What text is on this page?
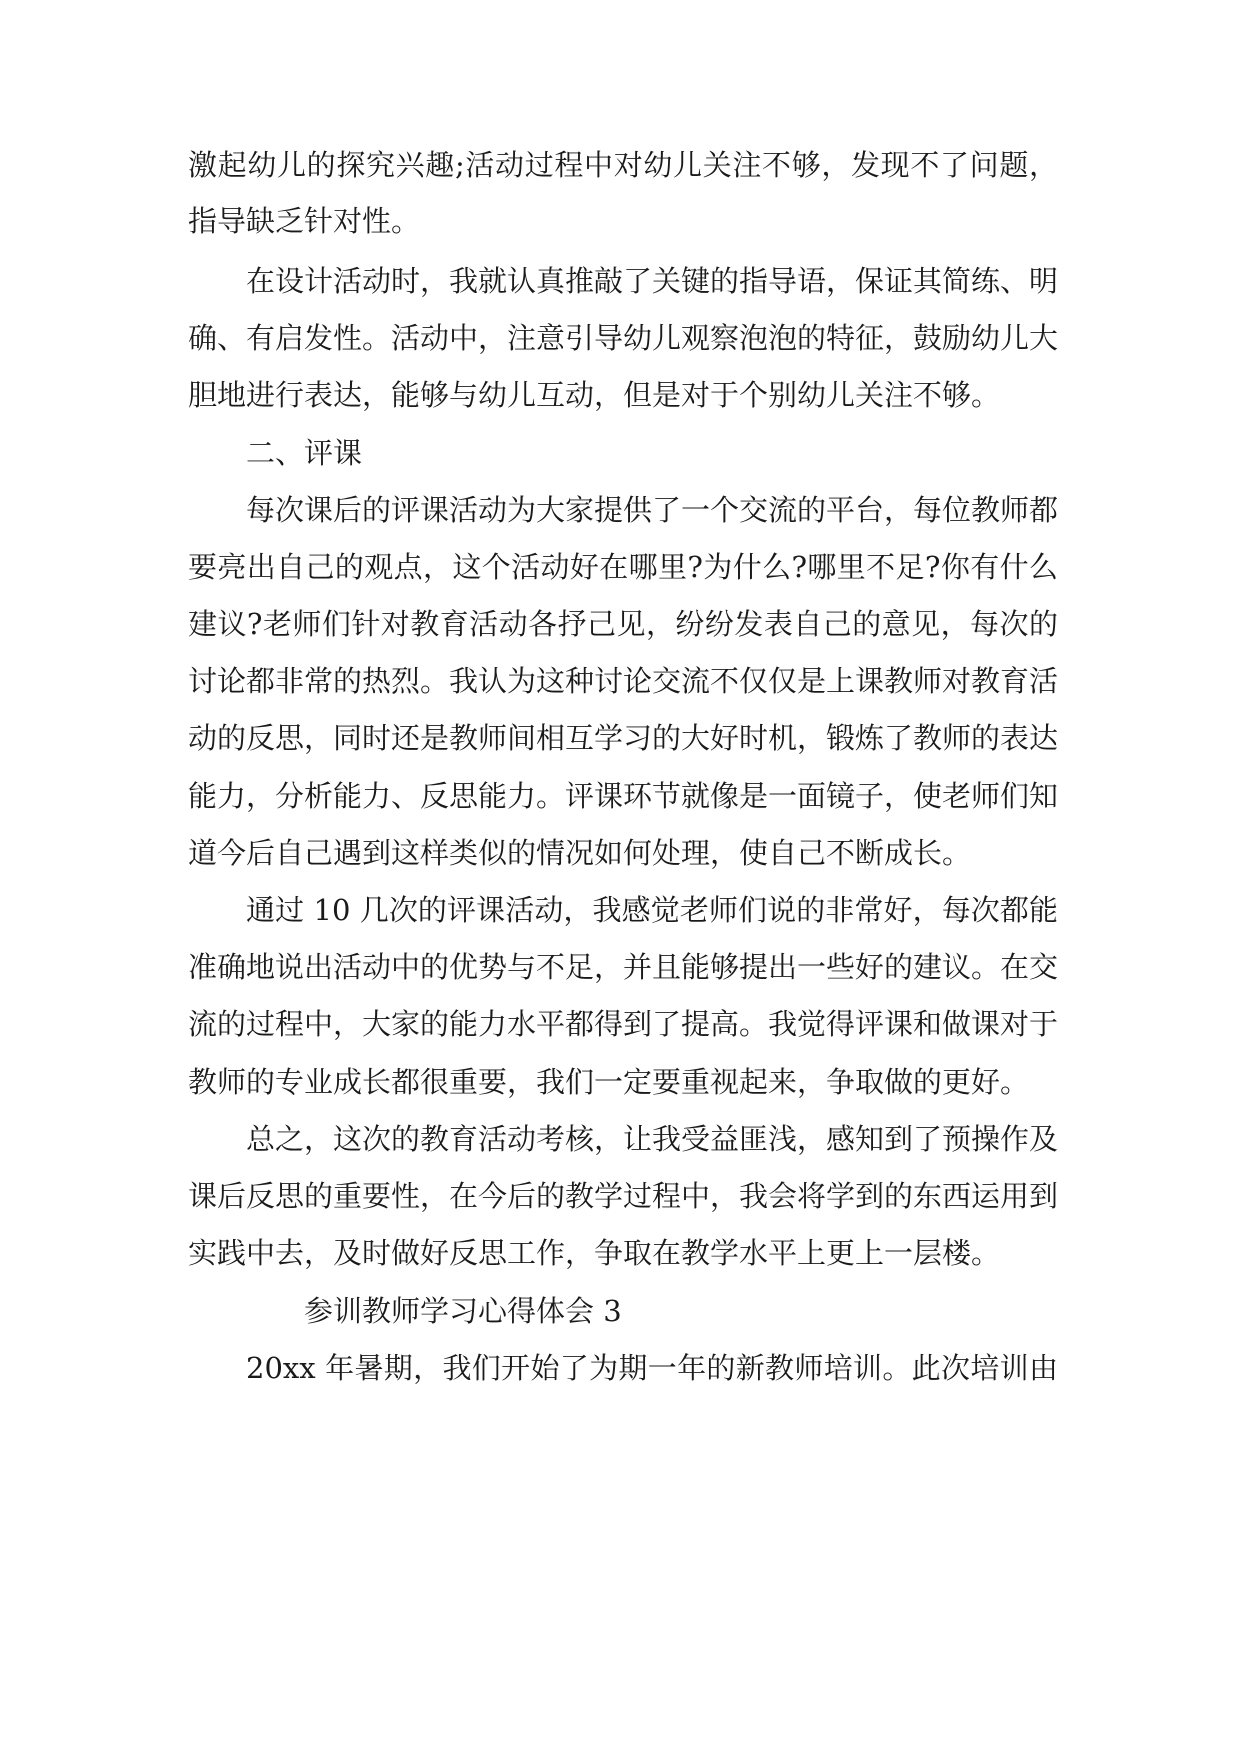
激起幼儿的探究兴趣;活动过程中对幼儿关注不够，发现不了问题，
指导缺乏针对性。
在设计活动时，我就认真推敲了关键的指导语，保证其简练、明
确、有启发性。活动中，注意引导幼儿观察泡泡的特征，鼓励幼儿大
胆地进行表达，能够与幼儿互动，但是对于个别幼儿关注不够。
二、评课
每次课后的评课活动为大家提供了一个交流的平台，每位教师都
要亮出自己的观点，这个活动好在哪里?为什么?哪里不足?你有什么
建议?老师们针对教育活动各抒己见，纷纷发表自己的意见，每次的
讨论都非常的热烈。我认为这种讨论交流不仅仅是上课教师对教育活
动的反思，同时还是教师间相互学习的大好时机，锻炼了教师的表达
能力，分析能力、反思能力。评课环节就像是一面镜子，使老师们知
道今后自己遇到这样类似的情况如何处理，使自己不断成长。
通过 10 几次的评课活动，我感觉老师们说的非常好，每次都能
准确地说出活动中的优势与不足，并且能够提出一些好的建议。在交
流的过程中，大家的能力水平都得到了提高。我觉得评课和做课对于
教师的专业成长都很重要，我们一定要重视起来，争取做的更好。
总之，这次的教育活动考核，让我受益匪浅，感知到了预操作及
课后反思的重要性，在今后的教学过程中，我会将学到的东西运用到
实践中去，及时做好反思工作，争取在教学水平上更上一层楼。
参训教师学习心得体会 3
20xx 年暑期，我们开始了为期一年的新教师培训。此次培训由
